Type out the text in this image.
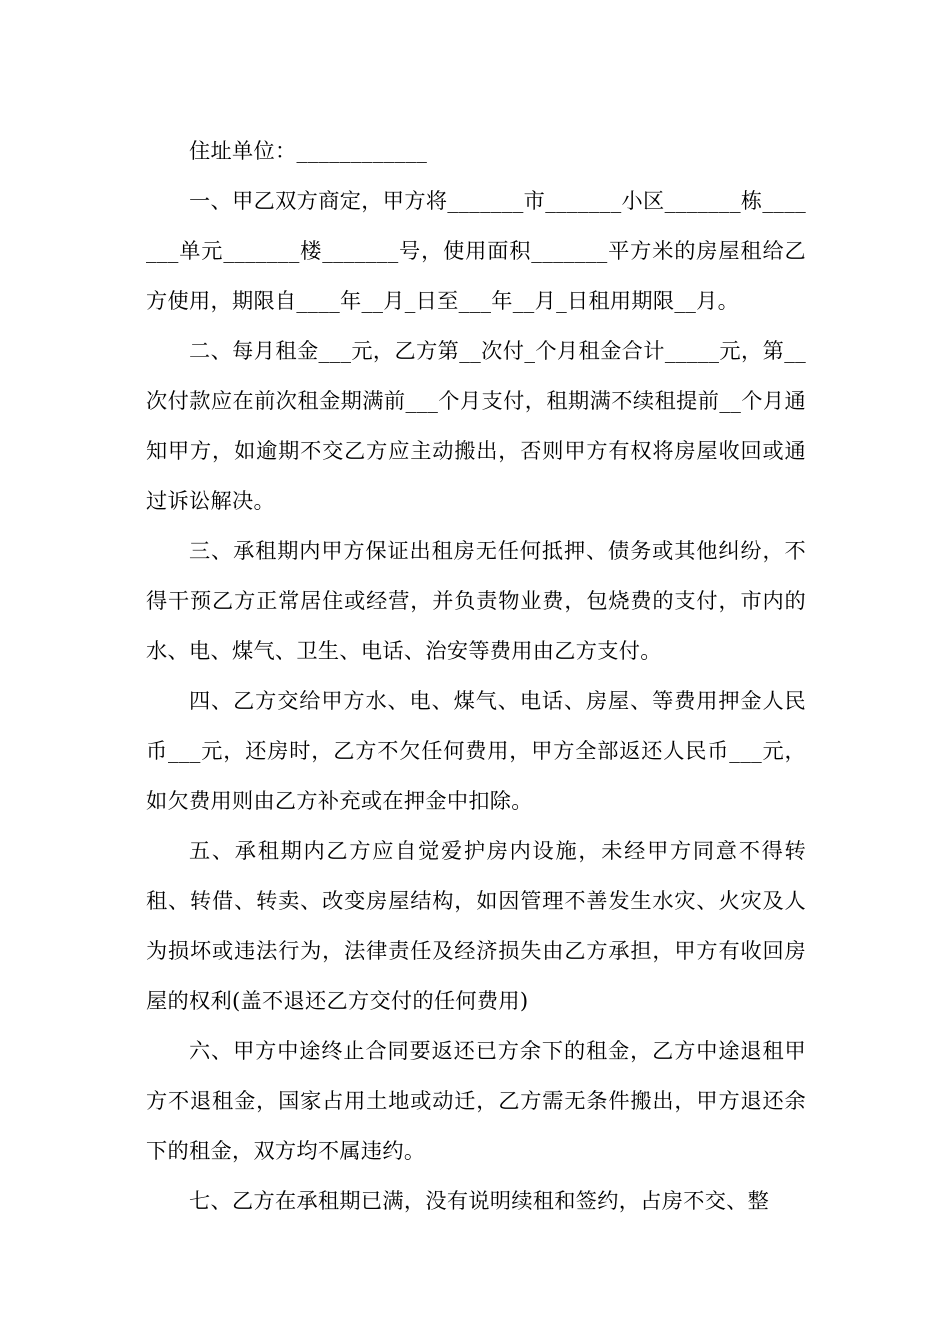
住址单位：____________

一、甲乙双方商定，甲方将_______市_______小区_______栋_______单元_______楼_______号，使用面积_______平方米的房屋租给乙方使用，期限自____年__月_日至___年__月_日租用期限__月。

二、每月租金___元，乙方第__次付_个月租金合计_____元，第__次付款应在前次租金期满前___个月支付，租期满不续租提前__个月通知甲方，如逾期不交乙方应主动搬出，否则甲方有权将房屋收回或通过诉讼解决。

三、承租期内甲方保证出租房无任何抵押、债务或其他纠纷，不得干预乙方正常居住或经营，并负责物业费，包烧费的支付，市内的水、电、煤气、卫生、电话、治安等费用由乙方支付。

四、乙方交给甲方水、电、煤气、电话、房屋、等费用押金人民币___元，还房时，乙方不欠任何费用，甲方全部返还人民币___元，如欠费用则由乙方补充或在押金中扣除。

五、承租期内乙方应自觉爱护房内设施，未经甲方同意不得转租、转借、转卖、改变房屋结构，如因管理不善发生水灾、火灾及人为损坏或违法行为，法律责任及经济损失由乙方承担，甲方有收回房屋的权利(盖不退还乙方交付的任何费用)

六、甲方中途终止合同要返还已方余下的租金，乙方中途退租甲方不退租金，国家占用土地或动迁，乙方需无条件搬出，甲方退还余下的租金，双方均不属违约。

七、乙方在承租期已满，没有说明续租和签约，占房不交、整
